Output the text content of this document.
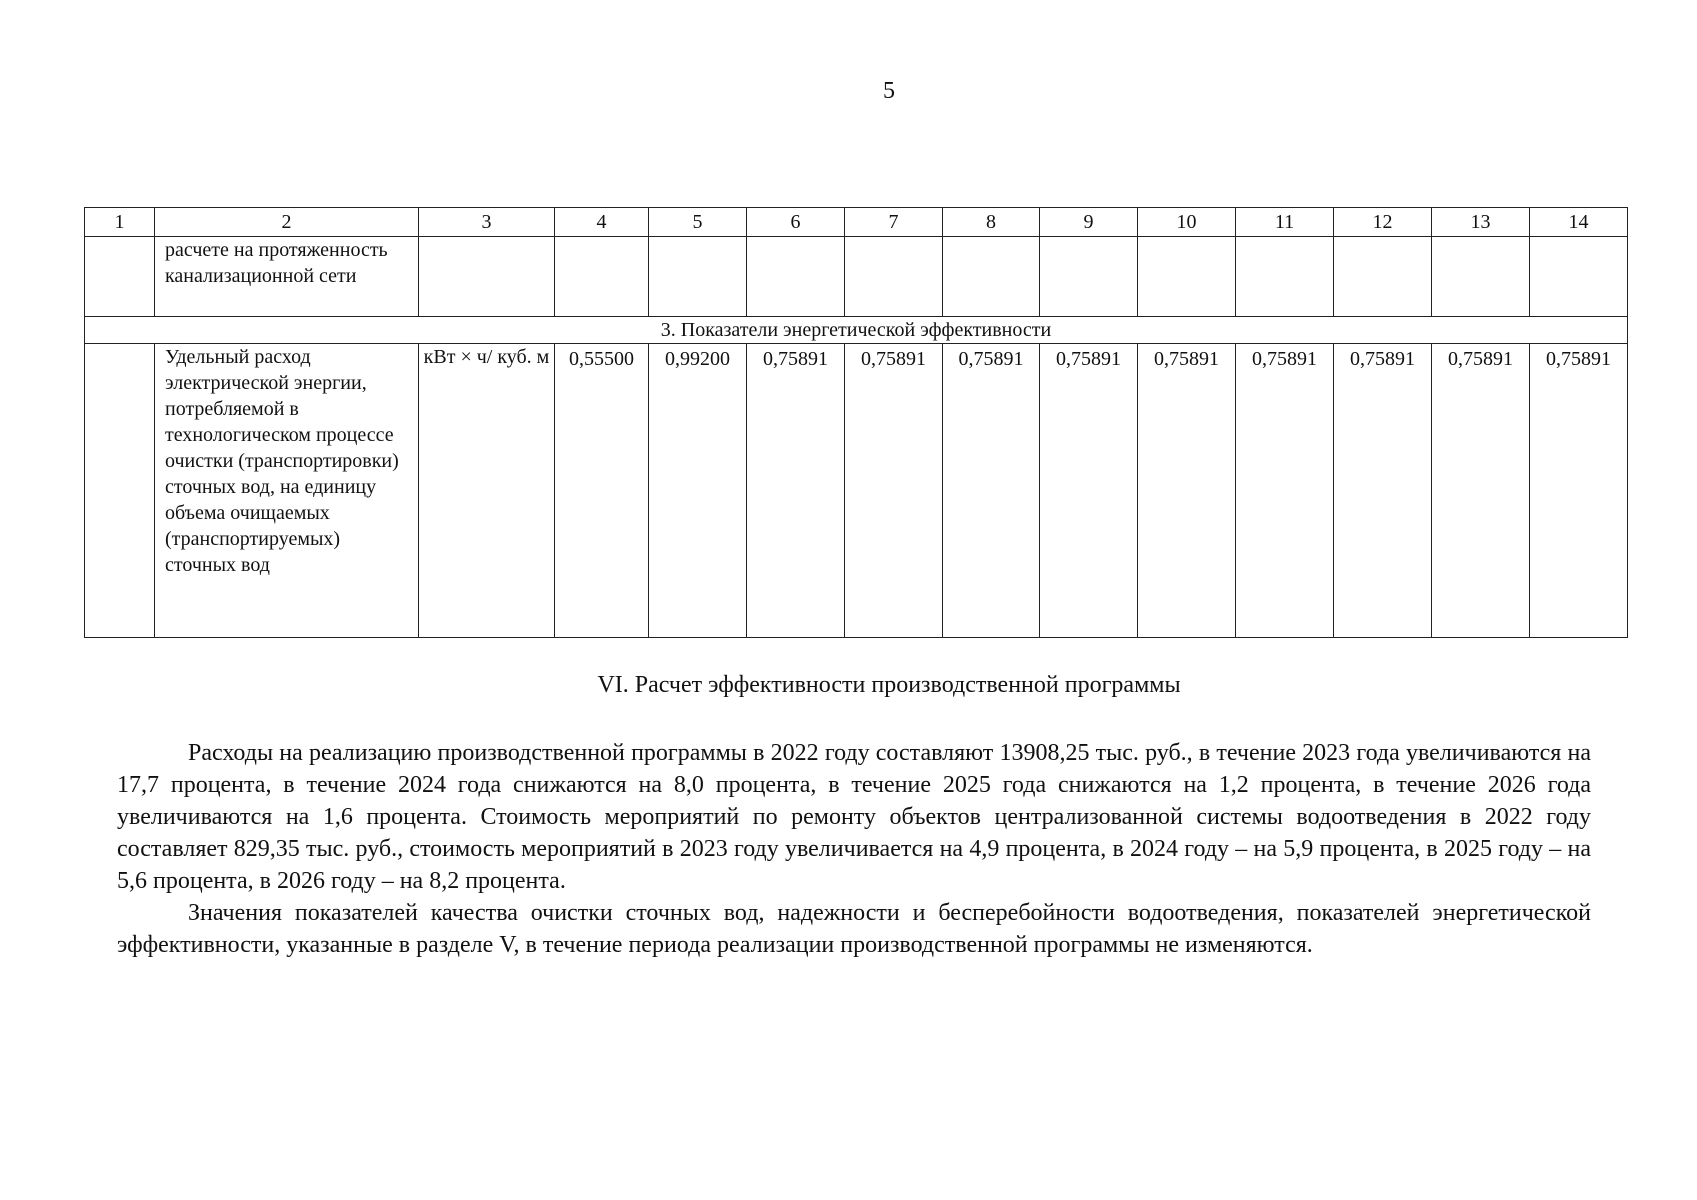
5
1	2	3	4	5	6	7	8	9	10	11	12	13	14
	расчете на протяженность канализационной сети												
3. Показатели энергетической эффективности													
	Удельный расход электрической энергии, потребляемой в технологическом процессе очистки (транспортировки) сточных вод, на единицу объема очищаемых (транспортируемых) сточных вод	кВт × ч/ куб. м	0,55500	0,99200	0,75891	0,75891	0,75891	0,75891	0,75891	0,75891	0,75891	0,75891	0,75891
VI. Расчет эффективности производственной программы

Расходы на реализацию производственной программы в 2022 году составляют 13908,25 тыс. руб., в течение 2023 года увеличиваются на 17,7 процента, в течение 2024 года снижаются на 8,0 процента, в течение 2025 года снижаются на 1,2 процента, в течение 2026 года увеличиваются на 1,6 процента. Стоимость мероприятий по ремонту объектов централизованной системы водоотведения в 2022 году составляет 829,35 тыс. руб., стоимость мероприятий в 2023 году увеличивается на 4,9 процента, в 2024 году – на 5,9 процента, в 2025 году – на 5,6 процента, в 2026 году – на 8,2 процента.

Значения показателей качества очистки сточных вод, надежности и бесперебойности водоотведения, показателей энергетической эффективности, указанные в разделе V, в течение периода реализации производственной программы не изменяются.
